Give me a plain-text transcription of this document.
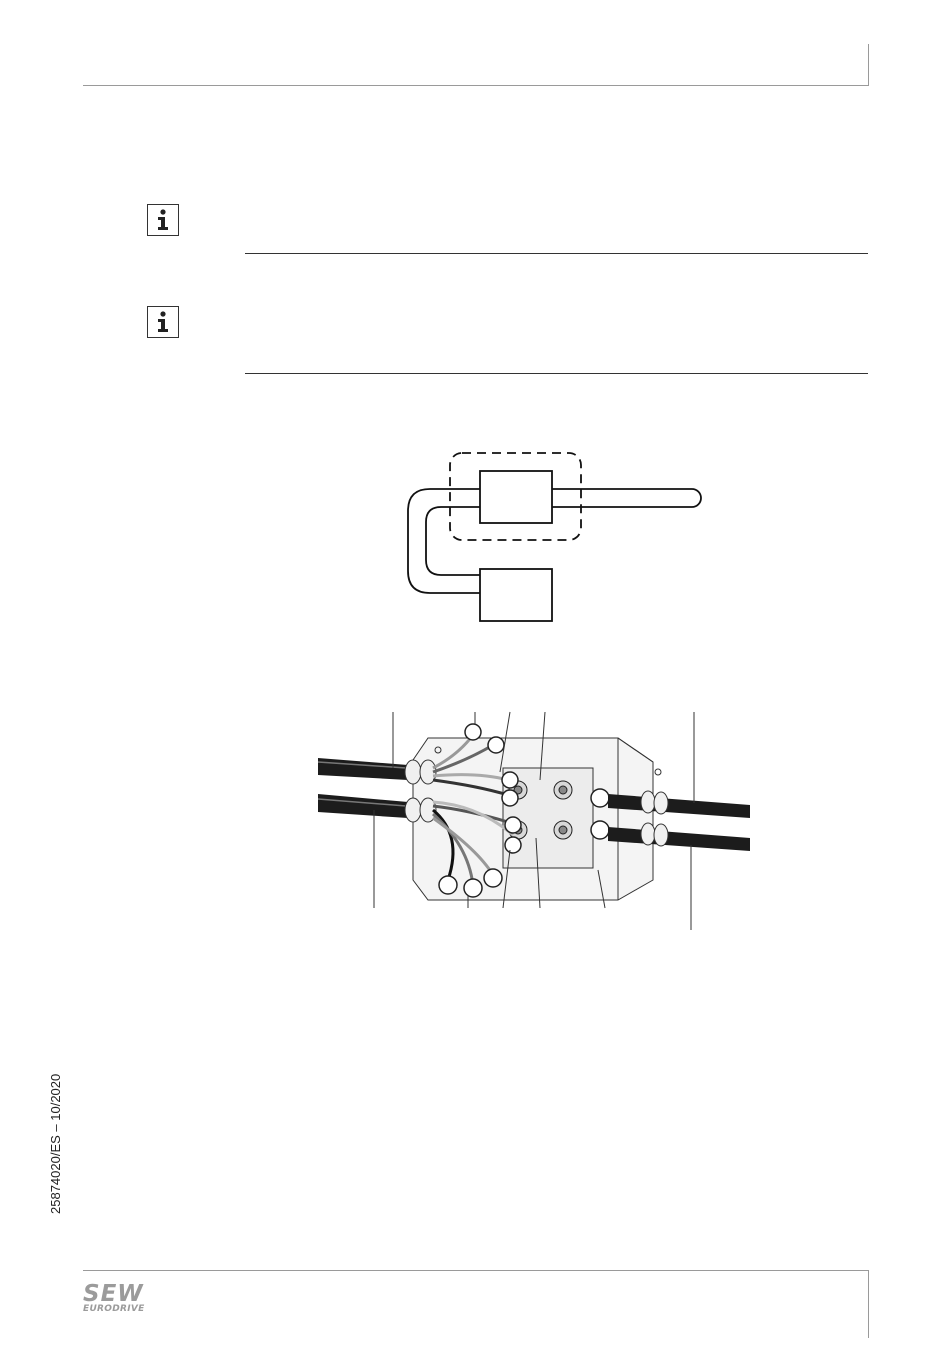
25874020/ES – 10/2020
SEW
EURODRIVE
